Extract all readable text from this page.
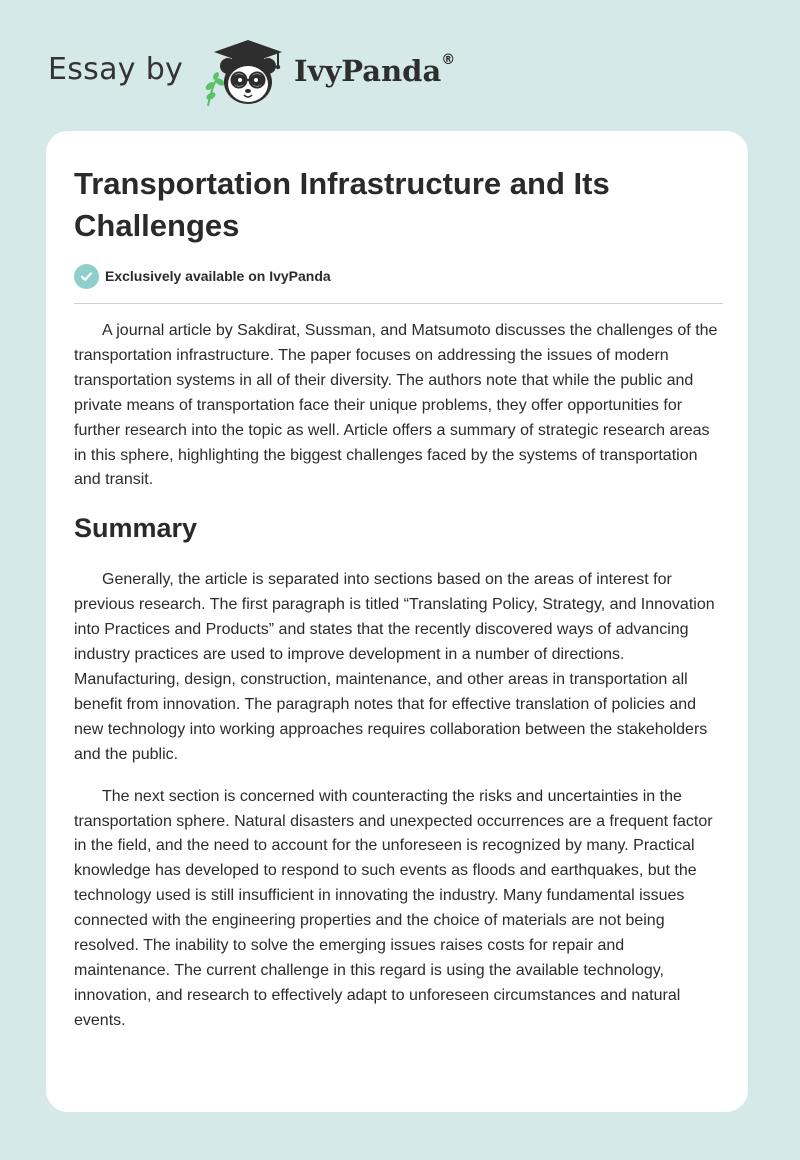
Essay by	IvyPanda®
Transportation Infrastructure and Its Challenges
Exclusively available on IvyPanda

A journal article by Sakdirat, Sussman, and Matsumoto discusses the challenges of the transportation infrastructure. The paper focuses on addressing the issues of modern transportation systems in all of their diversity. The authors note that while the public and private means of transportation face their unique problems, they offer opportunities for further research into the topic as well. Article offers a summary of strategic research areas in this sphere, highlighting the biggest challenges faced by the systems of transportation and transit.

Summary

Generally, the article is separated into sections based on the areas of interest for previous research. The first paragraph is titled “Translating Policy, Strategy, and Innovation into Practices and Products” and states that the recently discovered ways of advancing industry practices are used to improve development in a number of directions. Manufacturing, design, construction, maintenance, and other areas in transportation all benefit from innovation. The paragraph notes that for effective translation of policies and new technology into working approaches requires collaboration between the stakeholders and the public.

The next section is concerned with counteracting the risks and uncertainties in the transportation sphere. Natural disasters and unexpected occurrences are a frequent factor in the field, and the need to account for the unforeseen is recognized by many. Practical knowledge has developed to respond to such events as floods and earthquakes, but the technology used is still insufficient in innovating the industry. Many fundamental issues connected with the engineering properties and the choice of materials are not being resolved. The inability to solve the emerging issues raises costs for repair and maintenance. The current challenge in this regard is using the available technology, innovation, and research to effectively adapt to unforeseen circumstances and natural events.
